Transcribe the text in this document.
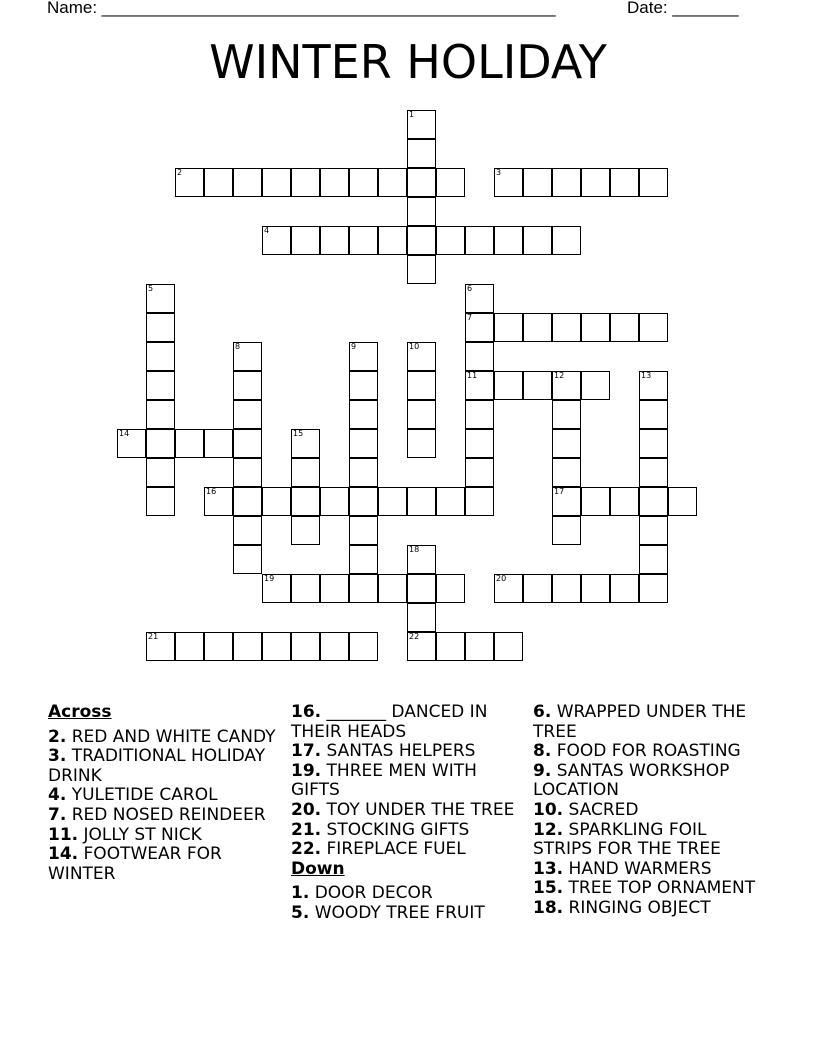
Name: ________________________________________________	Date: _______
WINTER HOLIDAY
1
2	3
4
5	6
7
11
8	9	10
12
17
13
14	15
16
18
22
19	20
21
Across
2. RED AND WHITE CANDY
3. TRADITIONAL HOLIDAY DRINK
4. YULETIDE CAROL
7. RED NOSED REINDEER
11. JOLLY ST NICK
14. FOOTWEAR FOR WINTER
16. _______ DANCED IN THEIR HEADS
17. SANTAS HELPERS
19. THREE MEN WITH GIFTS
20. TOY UNDER THE TREE
21. STOCKING GIFTS
22. FIREPLACE FUEL
Down
1. DOOR DECOR
5. WOODY TREE FRUIT
6. WRAPPED UNDER THE TREE
8. FOOD FOR ROASTING
9. SANTAS WORKSHOP LOCATION
10. SACRED
12. SPARKLING FOIL STRIPS FOR THE TREE
13. HAND WARMERS
15. TREE TOP ORNAMENT
18. RINGING OBJECT
